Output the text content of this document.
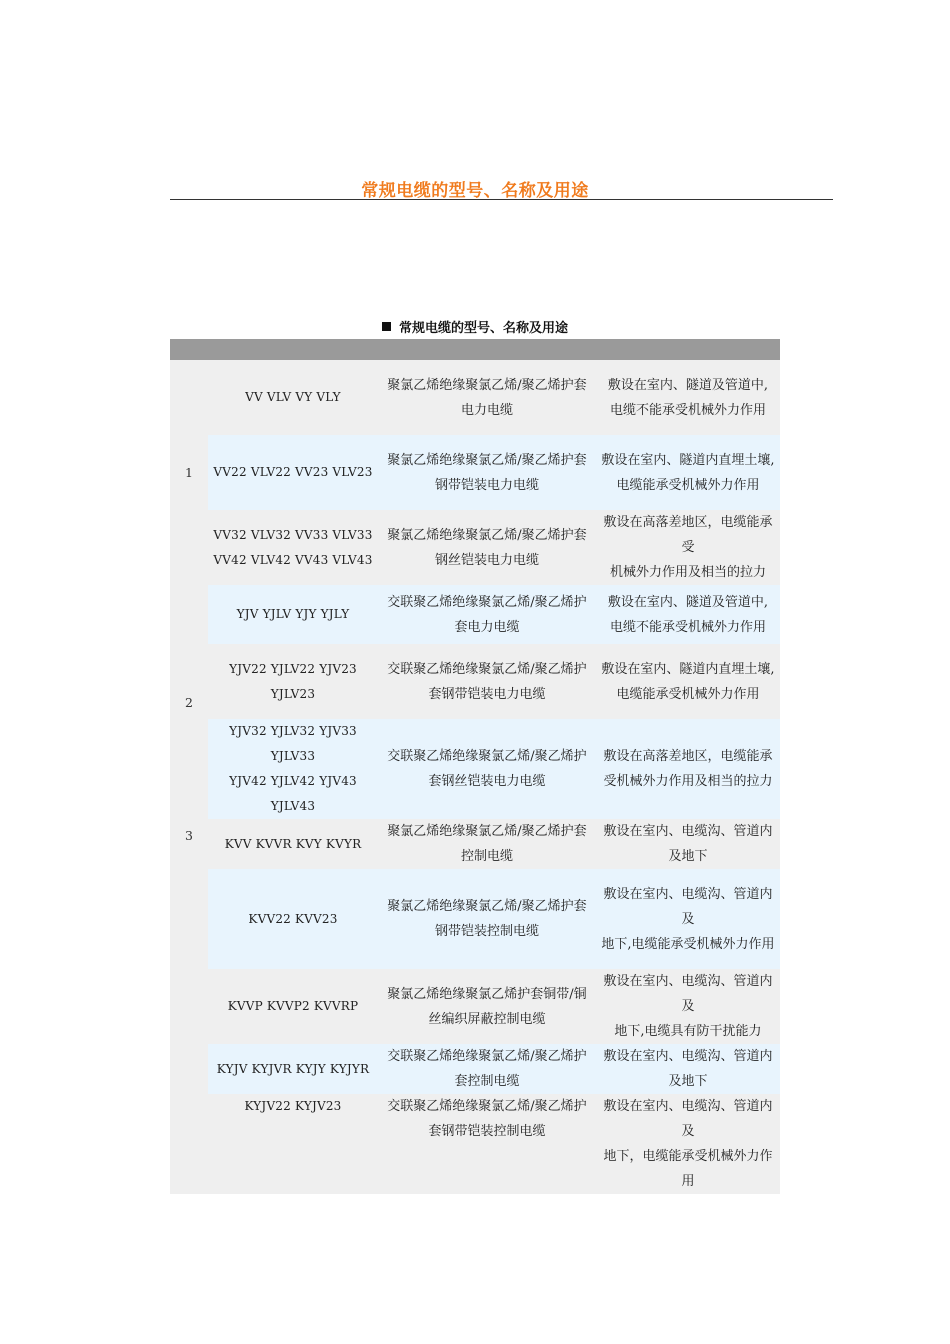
常规电缆的型号、名称及用途
常规电缆的型号、名称及用途

1	VV VLV VY VLY	聚氯乙烯绝缘聚氯乙烯/聚乙烯护套电力电缆	敷设在室内、隧道及管道中,
电缆不能承受机械外力作用
	VV22 VLV22 VV23 VLV23	聚氯乙烯绝缘聚氯乙烯/聚乙烯护套钢带铠装电力电缆	敷设在室内、隧道内直埋土壤,
电缆能承受机械外力作用
	VV32 VLV32 VV33 VLV33
VV42 VLV42 VV43 VLV43	聚氯乙烯绝缘聚氯乙烯/聚乙烯护套钢丝铠装电力电缆	敷设在高落差地区，电缆能承受
机械外力作用及相当的拉力
2	YJV YJLV YJY YJLY	交联聚乙烯绝缘聚氯乙烯/聚乙烯护套电力电缆	敷设在室内、隧道及管道中,
电缆不能承受机械外力作用
	YJV22 YJLV22 YJV23
YJLV23	交联聚乙烯绝缘聚氯乙烯/聚乙烯护套钢带铠装电力电缆	敷设在室内、隧道内直埋土壤,
电缆能承受机械外力作用
	YJV32 YJLV32 YJV33
YJLV33
YJV42 YJLV42 YJV43
YJLV43	交联聚乙烯绝缘聚氯乙烯/聚乙烯护套钢丝铠装电力电缆	敷设在高落差地区，电缆能承
受机械外力作用及相当的拉力
3	KVV KVVR KVY KVYR	聚氯乙烯绝缘聚氯乙烯/聚乙烯护套控制电缆	敷设在室内、电缆沟、管道内及地下
	KVV22 KVV23	聚氯乙烯绝缘聚氯乙烯/聚乙烯护套钢带铠装控制电缆	敷设在室内、电缆沟、管道内及
地下,电缆能承受机械外力作用
	KVVP KVVP2 KVVRP	聚氯乙烯绝缘聚氯乙烯护套铜带/铜丝编织屏蔽控制电缆	敷设在室内、电缆沟、管道内及
地下,电缆具有防干扰能力
	KYJV KYJVR KYJY KYJYR	交联聚乙烯绝缘聚氯乙烯/聚乙烯护套控制电缆	敷设在室内、电缆沟、管道内及地下
	KYJV22 KYJV23	交联聚乙烯绝缘聚氯乙烯/聚乙烯护套钢带铠装控制电缆	敷设在室内、电缆沟、管道内及
地下，电缆能承受机械外力作用
